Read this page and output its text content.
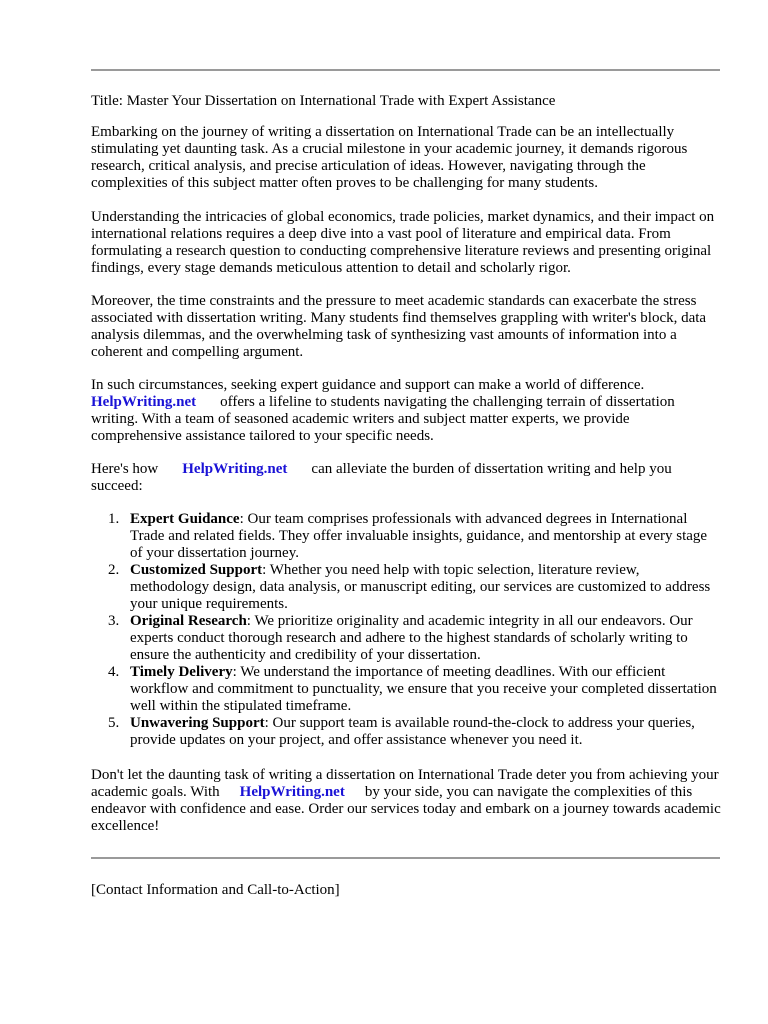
Title: Master Your Dissertation on International Trade with Expert Assistance

Embarking on the journey of writing a dissertation on International Trade can be an intellectually stimulating yet daunting task. As a crucial milestone in your academic journey, it demands rigorous research, critical analysis, and precise articulation of ideas. However, navigating through the complexities of this subject matter often proves to be challenging for many students.

Understanding the intricacies of global economics, trade policies, market dynamics, and their impact on international relations requires a deep dive into a vast pool of literature and empirical data. From formulating a research question to conducting comprehensive literature reviews and presenting original findings, every stage demands meticulous attention to detail and scholarly rigor.

Moreover, the time constraints and the pressure to meet academic standards can exacerbate the stress associated with dissertation writing. Many students find themselves grappling with writer's block, data analysis dilemmas, and the overwhelming task of synthesizing vast amounts of information into a coherent and compelling argument.

In such circumstances, seeking expert guidance and support can make a world of difference. HelpWriting.net offers a lifeline to students navigating the challenging terrain of dissertation writing. With a team of seasoned academic writers and subject matter experts, we provide comprehensive assistance tailored to your specific needs.

Here's how HelpWriting.net can alleviate the burden of dissertation writing and help you succeed:

1. Expert Guidance: Our team comprises professionals with advanced degrees in International Trade and related fields. They offer invaluable insights, guidance, and mentorship at every stage of your dissertation journey.
2. Customized Support: Whether you need help with topic selection, literature review, methodology design, data analysis, or manuscript editing, our services are customized to address your unique requirements.
3. Original Research: We prioritize originality and academic integrity in all our endeavors. Our experts conduct thorough research and adhere to the highest standards of scholarly writing to ensure the authenticity and credibility of your dissertation.
4. Timely Delivery: We understand the importance of meeting deadlines. With our efficient workflow and commitment to punctuality, we ensure that you receive your completed dissertation well within the stipulated timeframe.
5. Unwavering Support: Our support team is available round-the-clock to address your queries, provide updates on your project, and offer assistance whenever you need it.

Don't let the daunting task of writing a dissertation on International Trade deter you from achieving your academic goals. With HelpWriting.net by your side, you can navigate the complexities of this endeavor with confidence and ease. Order our services today and embark on a journey towards academic excellence!

[Contact Information and Call-to-Action]
